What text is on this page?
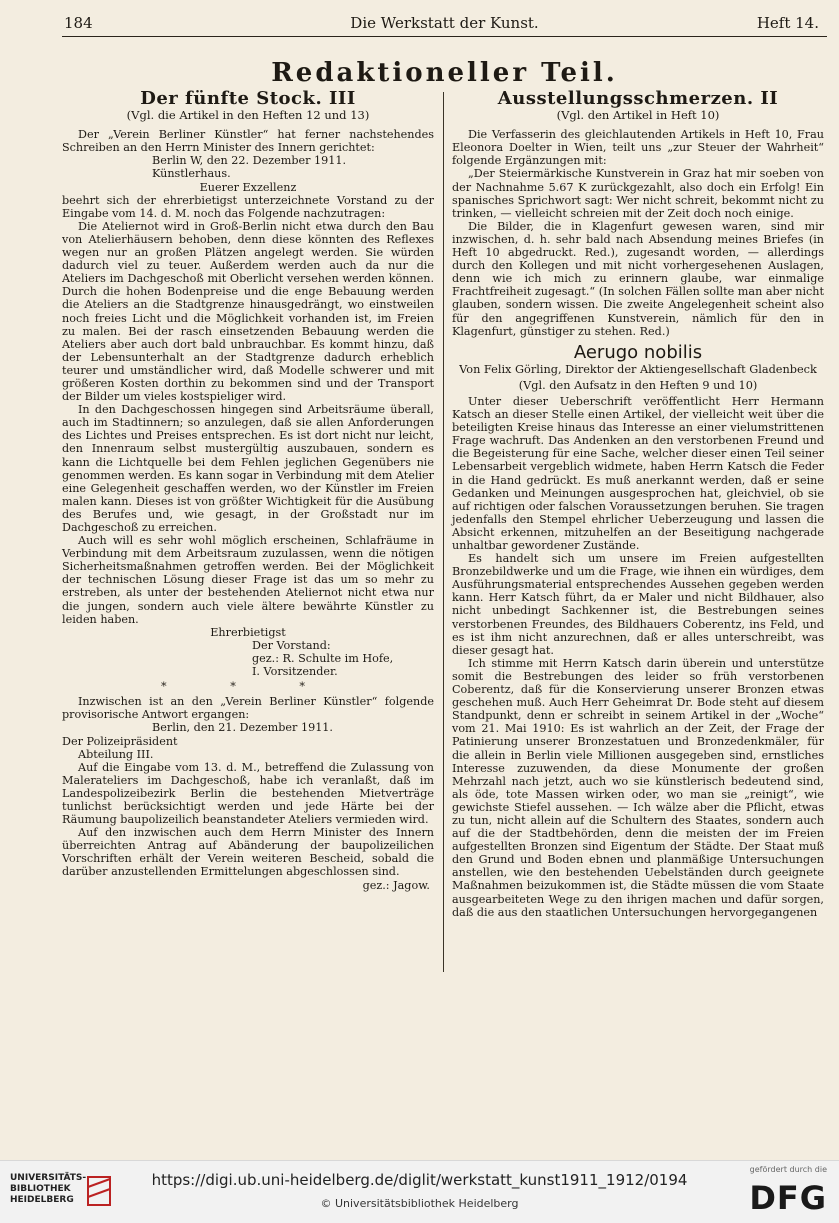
184	Die Werkstatt der Kunst.	Heft 14.
Redaktioneller Teil.
Der fünfte Stock. III
(Vgl. die Artikel in den Heften 12 und 13)

Der „Verein Berliner Künstler“ hat ferner nachstehendes Schreiben an den Herrn Minister des Innern gerichtet:

Berlin W, den 22. Dezember 1911.

Künstlerhaus.

Euerer Exzellenz

beehrt sich der ehrerbietigst unterzeichnete Vorstand zu der Eingabe vom 14. d. M. noch das Folgende nachzutragen:

Die Ateliernot wird in Groß-Berlin nicht etwa durch den Bau von Atelierhäusern behoben, denn diese könnten des Reflexes wegen nur an großen Plätzen angelegt werden. Sie würden dadurch viel zu teuer. Außerdem werden auch da nur die Ateliers im Dachgeschoß mit Oberlicht versehen werden können. Durch die hohen Bodenpreise und die enge Bebauung werden die Ateliers an die Stadtgrenze hinausgedrängt, wo einstweilen noch freies Licht und die Möglichkeit vorhanden ist, im Freien zu malen. Bei der rasch einsetzenden Bebauung werden die Ateliers aber auch dort bald unbrauchbar. Es kommt hinzu, daß der Lebensunterhalt an der Stadtgrenze dadurch erheblich teurer und umständlicher wird, daß Modelle schwerer und mit größeren Kosten dorthin zu bekommen sind und der Transport der Bilder um vieles kostspieliger wird.

In den Dachgeschossen hingegen sind Arbeitsräume überall, auch im Stadtinnern; so anzulegen, daß sie allen Anforderungen des Lichtes und Preises entsprechen. Es ist dort nicht nur leicht, den Innenraum selbst mustergültig auszubauen, sondern es kann die Lichtquelle bei dem Fehlen jeglichen Gegenübers nie genommen werden. Es kann sogar in Verbindung mit dem Atelier eine Gelegenheit geschaffen werden, wo der Künstler im Freien malen kann. Dieses ist von größter Wichtigkeit für die Ausübung des Berufes und, wie gesagt, in der Großstadt nur im Dachgeschoß zu erreichen.

Auch will es sehr wohl möglich erscheinen, Schlafräume in Verbindung mit dem Arbeitsraum zuzulassen, wenn die nötigen Sicherheitsmaßnahmen getroffen werden. Bei der Möglichkeit der technischen Lösung dieser Frage ist das um so mehr zu erstreben, als unter der bestehenden Ateliernot nicht etwa nur die jungen, sondern auch viele ältere bewährte Künstler zu leiden haben.

Ehrerbietigst

Der Vorstand:

gez.: R. Schulte im Hofe,

I. Vorsitzender.

* * *

Inzwischen ist an den „Verein Berliner Künstler“ folgende provisorische Antwort ergangen:

Berlin, den 21. Dezember 1911.

Der Polizeipräsident

Abteilung III.

Auf die Eingabe vom 13. d. M., betreffend die Zulassung von Malerateliers im Dachgeschoß, habe ich veranlaßt, daß im Landespolizeibezirk Berlin die bestehenden Mietverträge tunlichst berücksichtigt werden und jede Härte bei der Räumung baupolizeilich beanstandeter Ateliers vermieden wird.

Auf den inzwischen auch dem Herrn Minister des Innern überreichten Antrag auf Abänderung der baupolizeilichen Vorschriften erhält der Verein weiteren Bescheid, sobald die darüber anzustellenden Ermittelungen abgeschlossen sind.

gez.: Jagow.

Ausstellungsschmerzen. II
(Vgl. den Artikel in Heft 10)

Die Verfasserin des gleichlautenden Artikels in Heft 10, Frau Eleonora Doelter in Wien, teilt uns „zur Steuer der Wahrheit“ folgende Ergänzungen mit:

„Der Steiermärkische Kunstverein in Graz hat mir soeben von der Nachnahme 5.67 K zurückgezahlt, also doch ein Erfolg! Ein spanisches Sprichwort sagt: Wer nicht schreit, bekommt nicht zu trinken, — vielleicht schreien mit der Zeit doch noch einige.

Die Bilder, die in Klagenfurt gewesen waren, sind mir inzwischen, d. h. sehr bald nach Absendung meines Briefes (in Heft 10 abgedruckt. Red.), zugesandt worden, — allerdings durch den Kollegen und mit nicht vorhergesehenen Auslagen, denn wie ich mich zu erinnern glaube, war einmalige Frachtfreiheit zugesagt.“ (In solchen Fällen sollte man aber nicht glauben, sondern wissen. Die zweite Angelegenheit scheint also für den angegriffenen Kunstverein, nämlich für den in Klagenfurt, günstiger zu stehen. Red.)

Aerugo nobilis

Von Felix Görling, Direktor der Aktiengesellschaft Gladenbeck

(Vgl. den Aufsatz in den Heften 9 und 10)

Unter dieser Ueberschrift veröffentlicht Herr Hermann Katsch an dieser Stelle einen Artikel, der vielleicht weit über die beteiligten Kreise hinaus das Interesse an einer vielumstrittenen Frage wachruft. Das Andenken an den verstorbenen Freund und die Begeisterung für eine Sache, welcher dieser einen Teil seiner Lebensarbeit vergeblich widmete, haben Herrn Katsch die Feder in die Hand gedrückt. Es muß anerkannt werden, daß er seine Gedanken und Meinungen ausgesprochen hat, gleichviel, ob sie auf richtigen oder falschen Voraussetzungen beruhen. Sie tragen jedenfalls den Stempel ehrlicher Ueberzeugung und lassen die Absicht erkennen, mitzuhelfen an der Beseitigung nachgerade unhaltbar gewordener Zustände.

Es handelt sich um unsere im Freien aufgestellten Bronzebildwerke und um die Frage, wie ihnen ein würdiges, dem Ausführungsmaterial entsprechendes Aussehen gegeben werden kann. Herr Katsch führt, da er Maler und nicht Bildhauer, also nicht unbedingt Sachkenner ist, die Bestrebungen seines verstorbenen Freundes, des Bildhauers Coberentz, ins Feld, und es ist ihm nicht anzurechnen, daß er alles unterschreibt, was dieser gesagt hat.

Ich stimme mit Herrn Katsch darin überein und unterstütze somit die Bestrebungen des leider so früh verstorbenen Coberentz, daß für die Konservierung unserer Bronzen etwas geschehen muß. Auch Herr Geheimrat Dr. Bode steht auf diesem Standpunkt, denn er schreibt in seinem Artikel in der „Woche“ vom 21. Mai 1910: Es ist wahrlich an der Zeit, der Frage der Patinierung unserer Bronzestatuen und Bronzedenkmäler, für die allein in Berlin viele Millionen ausgegeben sind, ernstliches Interesse zuzuwenden, da diese Monumente der großen Mehrzahl nach jetzt, auch wo sie künstlerisch bedeutend sind, als öde, tote Massen wirken oder, wo man sie „reinigt“, wie gewichste Stiefel aussehen. — Ich wälze aber die Pflicht, etwas zu tun, nicht allein auf die Schultern des Staates, sondern auch auf die der Stadtbehörden, denn die meisten der im Freien aufgestellten Bronzen sind Eigentum der Städte. Der Staat muß den Grund und Boden ebnen und planmäßige Untersuchungen anstellen, wie den bestehenden Uebelständen durch geeignete Maßnahmen beizukommen ist, die Städte müssen die vom Staate ausgearbeiteten Wege zu den ihrigen machen und dafür sorgen, daß die aus den staatlichen Untersuchungen hervorgegangenen

UNIVERSITÄTS-
BIBLIOTHEK
HEIDELBERG
https://digi.ub.uni-heidelberg.de/diglit/werkstatt_kunst1911_1912/0194
© Universitätsbibliothek Heidelberg
gefördert durch die
DFG
